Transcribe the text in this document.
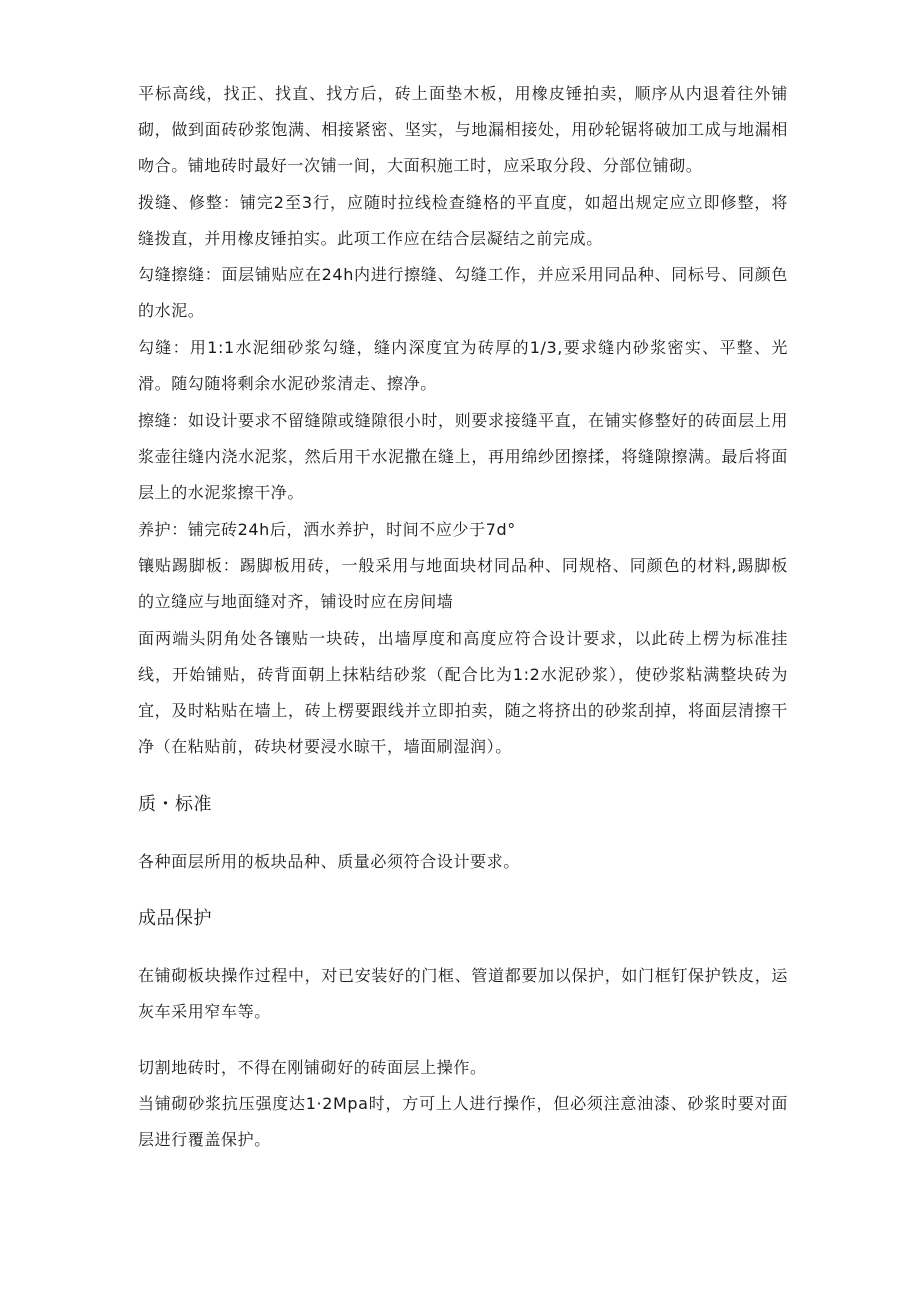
平标高线，找正、找直、找方后，砖上面垫木板，用橡皮锤拍卖，顺序从内退着往外铺砌，做到面砖砂浆饱满、相接紧密、坚实，与地漏相接处，用砂轮锯将破加工成与地漏相吻合。铺地砖时最好一次铺一间，大面积施工时，应采取分段、分部位铺砌。

拨缝、修整：铺完2至3行，应随时拉线检查缝格的平直度，如超出规定应立即修整，将缝拨直，并用橡皮锤拍实。此项工作应在结合层凝结之前完成。

勾缝擦缝：面层铺贴应在24h内进行擦缝、勾缝工作，并应采用同品种、同标号、同颜色的水泥。

勾缝：用1:1水泥细砂浆勾缝，缝内深度宜为砖厚的1/3,要求缝内砂浆密实、平整、光滑。随勾随将剩余水泥砂浆清走、擦净。

擦缝：如设计要求不留缝隙或缝隙很小时，则要求接缝平直，在铺实修整好的砖面层上用浆壶往缝内浇水泥浆，然后用干水泥撒在缝上，再用绵纱团擦揉，将缝隙擦满。最后将面层上的水泥浆擦干净。

养护：铺完砖24h后，洒水养护，时间不应少于7d°

镶贴踢脚板：踢脚板用砖，一般采用与地面块材同品种、同规格、同颜色的材料,踢脚板的立缝应与地面缝对齐，铺设时应在房间墙

面两端头阴角处各镶贴一块砖，出墙厚度和高度应符合设计要求，以此砖上楞为标准挂线，开始铺贴，砖背面朝上抹粘结砂浆（配合比为1:2水泥砂浆），使砂浆粘满整块砖为宜，及时粘贴在墙上，砖上楞要跟线并立即拍卖，随之将挤出的砂浆刮掉，将面层清擦干净（在粘贴前，砖块材要浸水晾干，墙面刷湿润）。

质・标准

各种面层所用的板块品种、质量必须符合设计要求。

成品保护

在铺砌板块操作过程中，对已安装好的门框、管道都要加以保护，如门框钉保护铁皮，运灰车采用窄车等。

切割地砖时，不得在刚铺砌好的砖面层上操作。

当铺砌砂浆抗压强度达1·2Mpa时，方可上人进行操作，但必须注意油漆、砂浆时要对面层进行覆盖保护。
